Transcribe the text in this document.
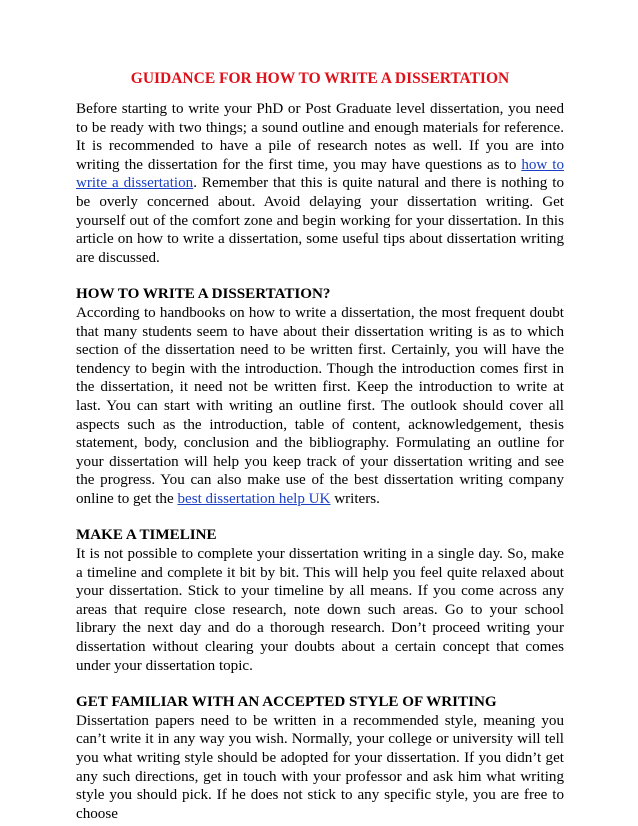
GUIDANCE FOR HOW TO WRITE A DISSERTATION

Before starting to write your PhD or Post Graduate level dissertation, you need to be ready with two things; a sound outline and enough materials for reference. It is recommended to have a pile of research notes as well. If you are into writing the dissertation for the first time, you may have questions as to how to write a dissertation. Remember that this is quite natural and there is nothing to be overly concerned about. Avoid delaying your dissertation writing. Get yourself out of the comfort zone and begin working for your dissertation. In this article on how to write a dissertation, some useful tips about dissertation writing are discussed.

HOW TO WRITE A DISSERTATION?

According to handbooks on how to write a dissertation, the most frequent doubt that many students seem to have about their dissertation writing is as to which section of the dissertation need to be written first. Certainly, you will have the tendency to begin with the introduction. Though the introduction comes first in the dissertation, it need not be written first. Keep the introduction to write at last. You can start with writing an outline first. The outlook should cover all aspects such as the introduction, table of content, acknowledgement, thesis statement, body, conclusion and the bibliography. Formulating an outline for your dissertation will help you keep track of your dissertation writing and see the progress. You can also make use of the best dissertation writing company online to get the best dissertation help UK writers.

MAKE A TIMELINE

It is not possible to complete your dissertation writing in a single day. So, make a timeline and complete it bit by bit. This will help you feel quite relaxed about your dissertation. Stick to your timeline by all means. If you come across any areas that require close research, note down such areas. Go to your school library the next day and do a thorough research. Don’t proceed writing your dissertation without clearing your doubts about a certain concept that comes under your dissertation topic.

GET FAMILIAR WITH AN ACCEPTED STYLE OF WRITING

Dissertation papers need to be written in a recommended style, meaning you can’t write it in any way you wish. Normally, your college or university will tell you what writing style should be adopted for your dissertation. If you didn’t get any such directions, get in touch with your professor and ask him what writing style you should pick. If he does not stick to any specific style, you are free to choose
